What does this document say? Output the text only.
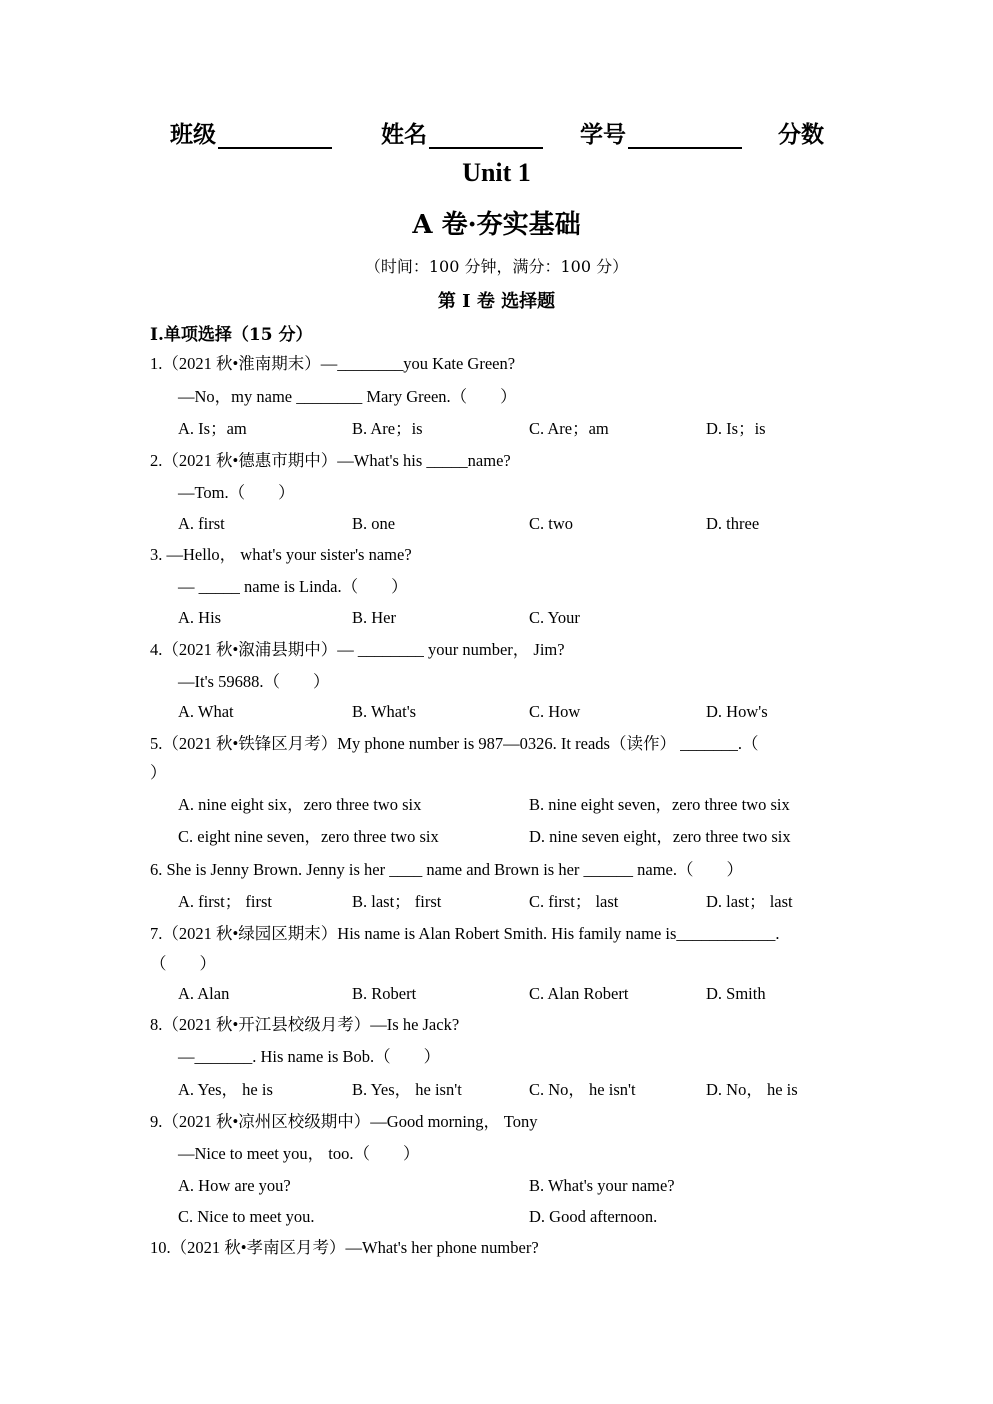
班级	姓名	学号	分数
Unit 1
A 卷·夯实基础
（时间：100 分钟，满分：100 分）
第 I 卷 选择题
I.单项选择（15 分）
1.（2021 秋•淮南期末）—________you Kate Green?
—No，my name ________ Mary Green.（　　）
A. Is；am	B. Are；is	C. Are；am	D. Is；is
2.（2021 秋•德惠市期中）—What's his _____name?
—Tom.（　　）
A. first	B. one	C. two	D. three
3. —Hello， what's your sister's name?
— _____ name is Linda.（　　）
A. His	B. Her	C. Your
4.（2021 秋•溆浦县期中）— ________ your number， Jim?
—It's 59688.（　　）
A. What	B. What's	C. How	D. How's
5.（2021 秋•铁锋区月考）My phone number is 987—0326. It reads（读作） _______.（
）
A. nine eight six，zero three two six	B. nine eight seven，zero three two six
C. eight nine seven，zero three two six	D. nine seven eight，zero three two six
6. She is Jenny Brown. Jenny is her ____ name and Brown is her ______ name.（　　）
A. first； first	B. last； first	C. first； last	D. last； last
7.（2021 秋•绿园区期末）His name is Alan Robert Smith. His family name is____________.
（　　）
A. Alan	B. Robert	C. Alan Robert	D. Smith
8.（2021 秋•开江县校级月考）—Is he Jack?
—_______. His name is Bob.（　　）
A. Yes， he is	B. Yes， he isn't	C. No， he isn't	D. No， he is
9.（2021 秋•凉州区校级期中）—Good morning， Tony
—Nice to meet you， too.（　　）
A. How are you?	B. What's your name?
C. Nice to meet you.	D. Good afternoon.
10.（2021 秋•孝南区月考）—What's her phone number?
